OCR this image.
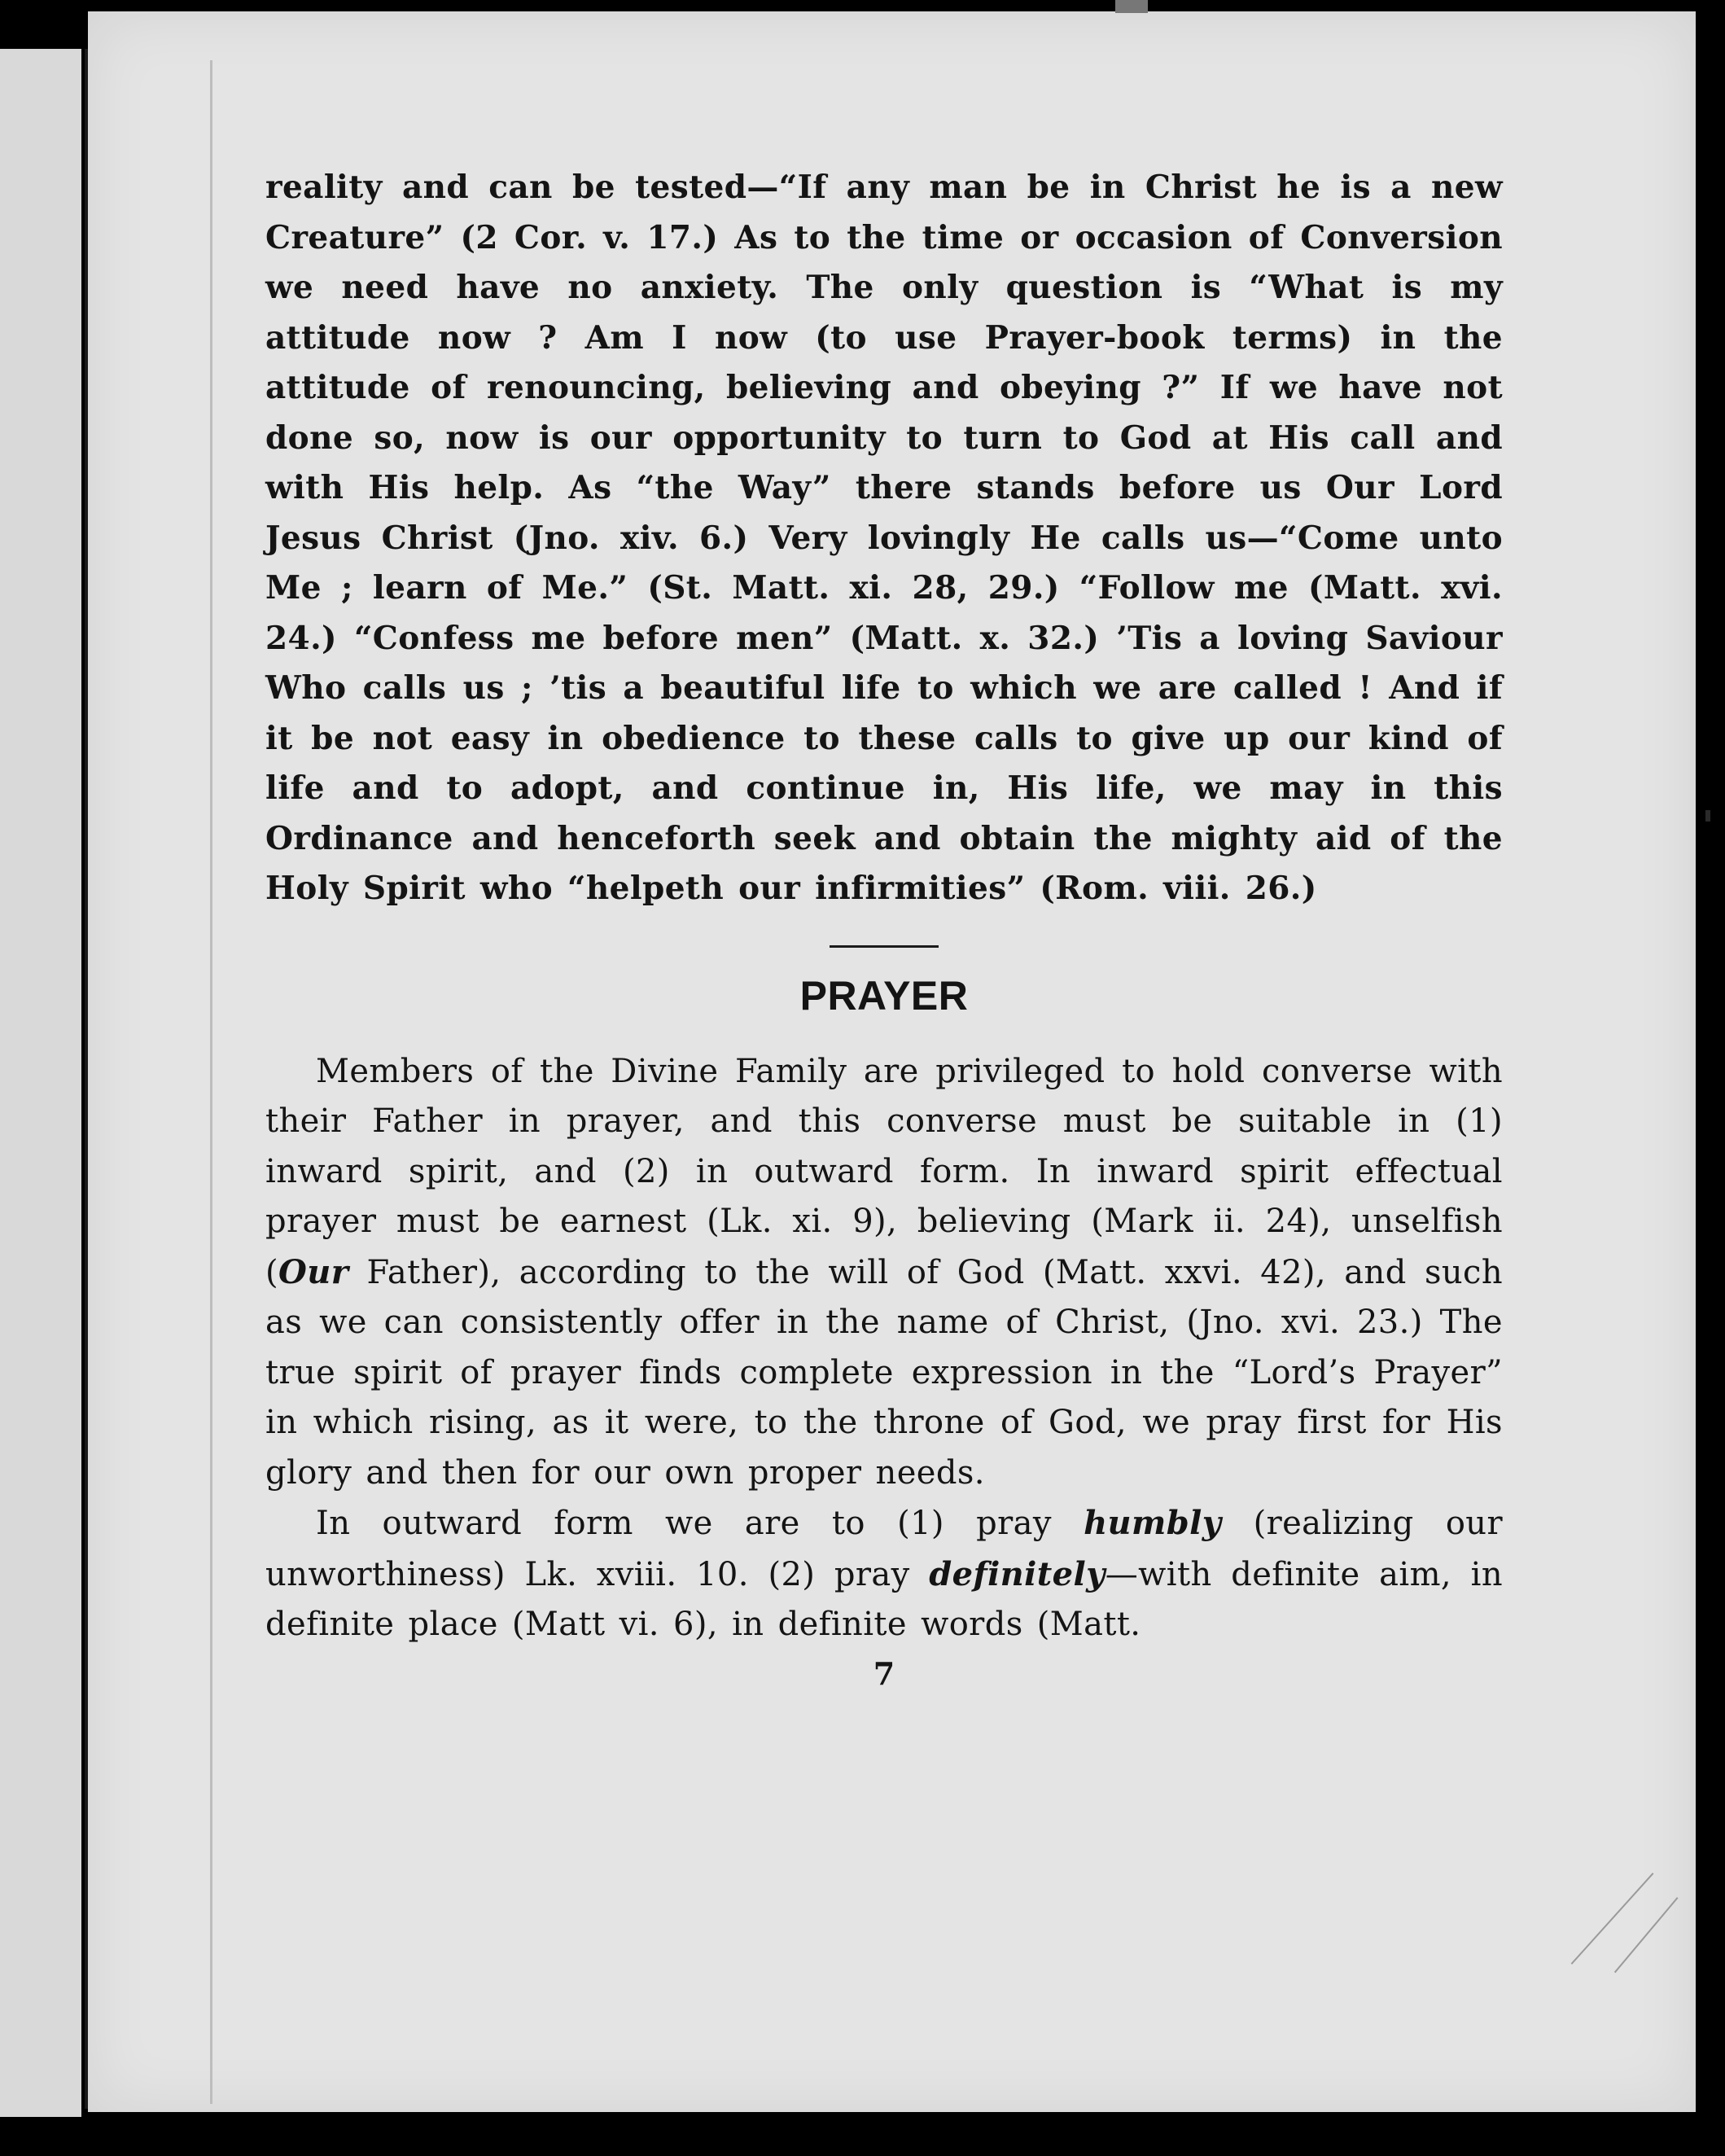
reality and can be tested—“If any man be in Christ he is a new Creature” (2 Cor. v. 17.) As to the time or occasion of Conversion we need have no anxiety. The only question is “What is my attitude now ? Am I now (to use Prayer-book terms) in the attitude of renouncing, believing and obeying ?” If we have not done so, now is our opportunity to turn to God at His call and with His help. As “the Way” there stands before us Our Lord Jesus Christ (Jno. xiv. 6.) Very lovingly He calls us—“Come unto Me ; learn of Me.” (St. Matt. xi. 28, 29.) “Follow me (Matt. xvi. 24.) “Confess me before men” (Matt. x. 32.) ’Tis a loving Saviour Who calls us ; ’tis a beautiful life to which we are called ! And if it be not easy in obedience to these calls to give up our kind of life and to adopt, and continue in, His life, we may in this Ordinance and henceforth seek and obtain the mighty aid of the Holy Spirit who “helpeth our infirmities” (Rom. viii. 26.)

PRAYER

Members of the Divine Family are privileged to hold converse with their Father in prayer, and this converse must be suitable in (1) inward spirit, and (2) in outward form. In inward spirit effectual prayer must be earnest (Lk. xi. 9), believing (Mark ii. 24), unselfish (Our Father), according to the will of God (Matt. xxvi. 42), and such as we can consistently offer in the name of Christ, (Jno. xvi. 23.) The true spirit of prayer finds complete expression in the “Lord’s Prayer” in which rising, as it were, to the throne of God, we pray first for His glory and then for our own proper needs.

In outward form we are to (1) pray humbly (realizing our unworthiness) Lk. xviii. 10. (2) pray definitely—with definite aim, in definite place (Matt vi. 6), in definite words (Matt.

7
